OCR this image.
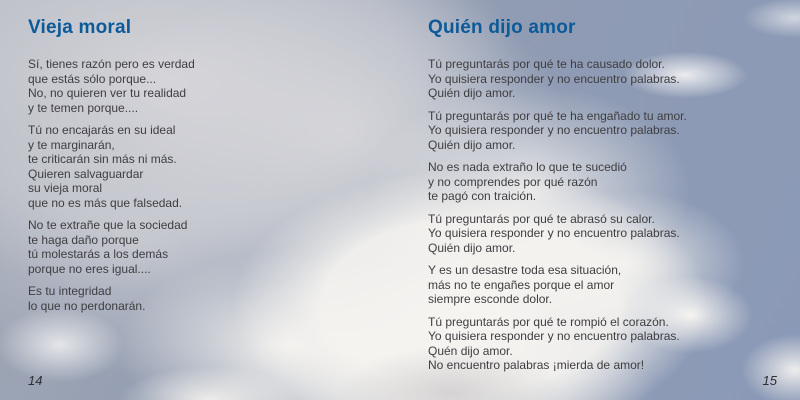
Vieja moral

Sí, tienes razón pero es verdad
que estás sólo porque...
No, no quieren ver tu realidad
y te temen porque....

Tú no encajarás en su ideal
y te marginarán,
te criticarán sin más ni más.
Quieren salvaguardar
su vieja moral
que no es más que falsedad.

No te extrañe que la sociedad
te haga daño porque
tú molestarás a los demás
porque no eres igual....

Es tu integridad
lo que no perdonarán.

14
Quién dijo amor

Tú preguntarás por qué te ha causado dolor.
Yo quisiera responder y no encuentro palabras.
Quién dijo amor.

Tú preguntarás por qué te ha engañado tu amor.
Yo quisiera responder y no encuentro palabras.
Quién dijo amor.

No es nada extraño lo que te sucedió
y no comprendes por qué razón
te pagó con traición.

Tú preguntarás por qué te abrasó su calor.
Yo quisiera responder y no encuentro palabras.
Quién dijo amor.

Y es un desastre toda esa situación,
más no te engañes porque el amor
siempre esconde dolor.

Tú preguntarás por qué te rompió el corazón.
Yo quisiera responder y no encuentro palabras.
Quén dijo amor.
No encuentro palabras ¡mierda de amor!

15
